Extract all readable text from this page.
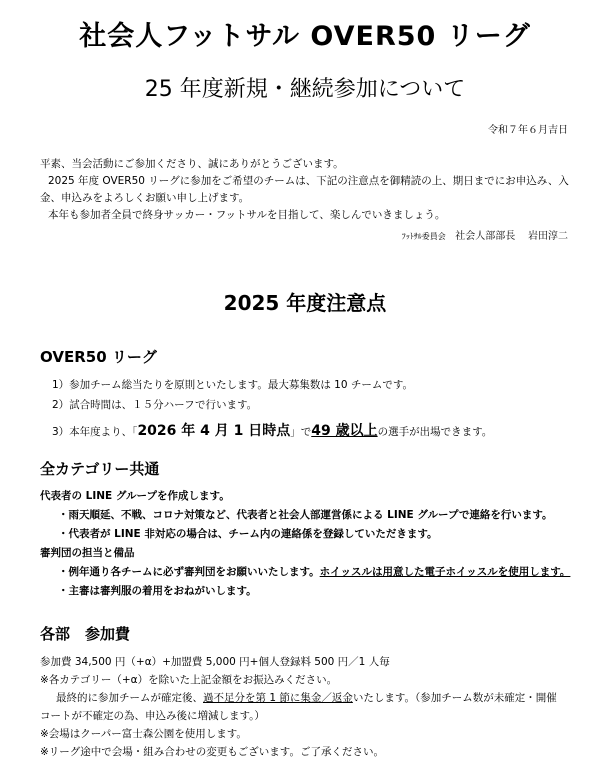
社会人フットサル OVER50 リーグ
25 年度新規・継続参加について
令和７年６月吉日
平素、当会活動にご参加くださり、誠にありがとうございます。
2025 年度 OVER50 リーグに参加をご希望のチームは、下記の注意点を御精読の上、期日までにお申込み、入
金、申込みをよろしくお願い申し上げます。
本年も参加者全員で終身サッカー・フットサルを目指して、楽しんでいきましょう。
ﾌｯﾄｻﾙ委員会 社会人部部長 岩田淳二
2025 年度注意点
OVER50 リーグ
1）参加チーム総当たりを原則といたします。最大募集数は 10 チームです。
2）試合時間は、１５分ハーフで行います。
3）本年度より、「2026 年 4 月 1 日時点」で49 歳以上の選手が出場できます。
全カテゴリー共通
代表者の LINE グループを作成します。
・雨天順延、不戦、コロナ対策など、代表者と社会人部運営係による LINE グループで連絡を行います。
・代表者が LINE 非対応の場合は、チーム内の連絡係を登録していただきます。
審判団の担当と備品
・例年通り各チームに必ず審判団をお願いいたします。ホイッスルは用意した電子ホイッスルを使用します。
・主審は審判服の着用をおねがいします。
各部　参加費
参加費 34,500 円（+α）+加盟費 5,000 円+個人登録料 500 円／1 人毎
※各カテゴリー（+α）を除いた上記金額をお振込みください。
最終的に参加チームが確定後、過不足分を第 1 節に集金／返金いたします。（参加チーム数が未確定・開催
コートが不確定の為、申込み後に増減します。）
※会場はクーパー富士森公園を使用します。
※リーグ途中で会場・組み合わせの変更もございます。ご了承ください。
